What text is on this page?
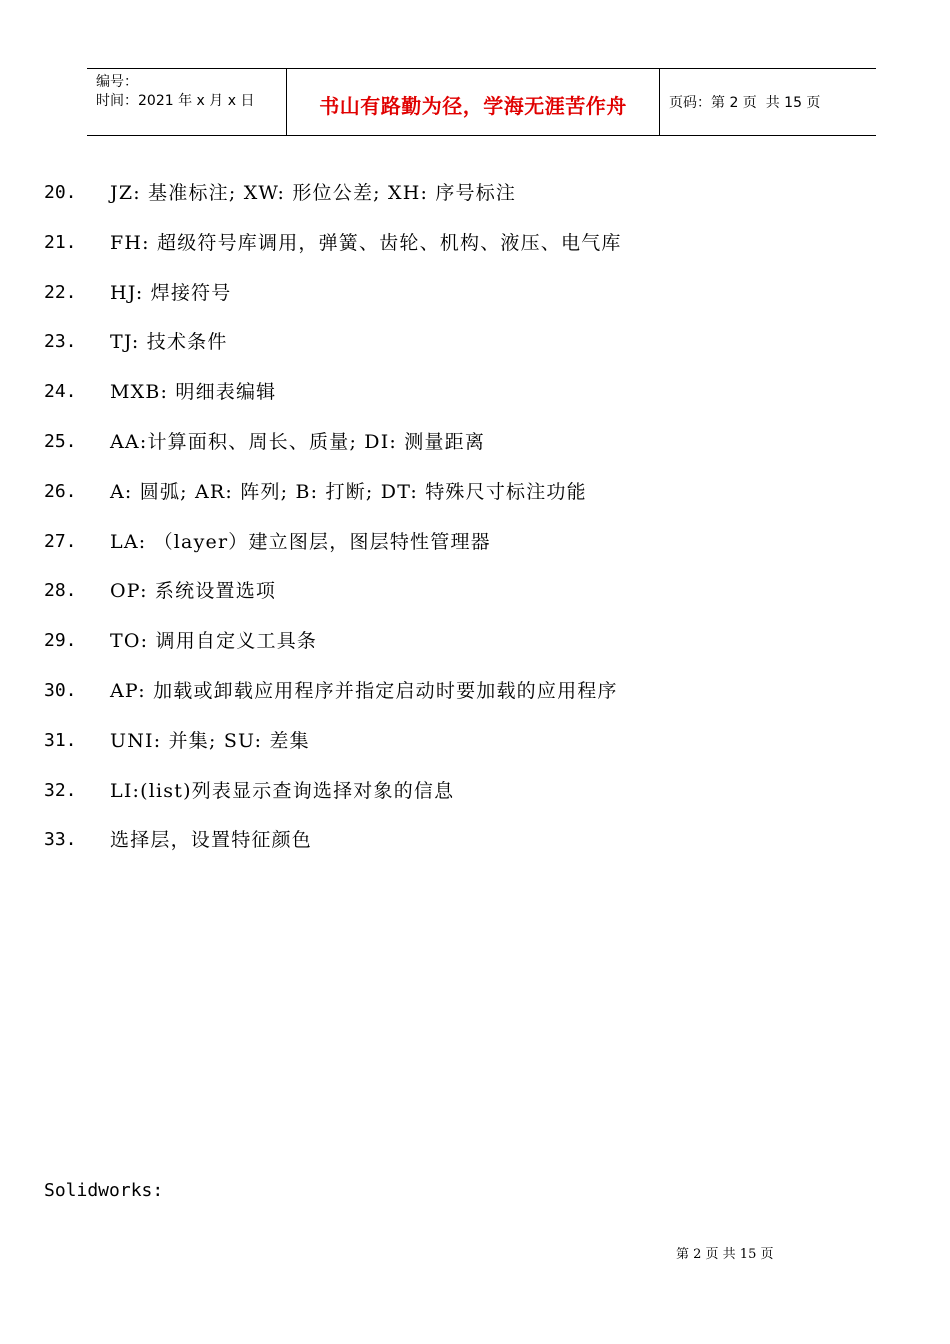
编号：
时间：2021 年 x 月 x 日	书山有路勤为径，学海无涯苦作舟	页码：第 2 页  共 15 页
20.	JZ: 基准标注; XW: 形位公差; XH: 序号标注
21.	FH: 超级符号库调用，弹簧、齿轮、机构、液压、电气库
22.	HJ: 焊接符号
23.	TJ: 技术条件
24.	MXB: 明细表编辑
25.	AA:计算面积、周长、质量; DI: 测量距离
26.	A: 圆弧; AR: 阵列; B: 打断; DT: 特殊尺寸标注功能
27.	LA: （layer）建立图层，图层特性管理器
28.	OP: 系统设置选项
29.	TO: 调用自定义工具条
30.	AP: 加载或卸载应用程序并指定启动时要加载的应用程序
31.	UNI: 并集; SU: 差集
32.	LI:(list)列表显示查询选择对象的信息
33.	选择层，设置特征颜色
Solidworks:
第 2 页 共 15 页
